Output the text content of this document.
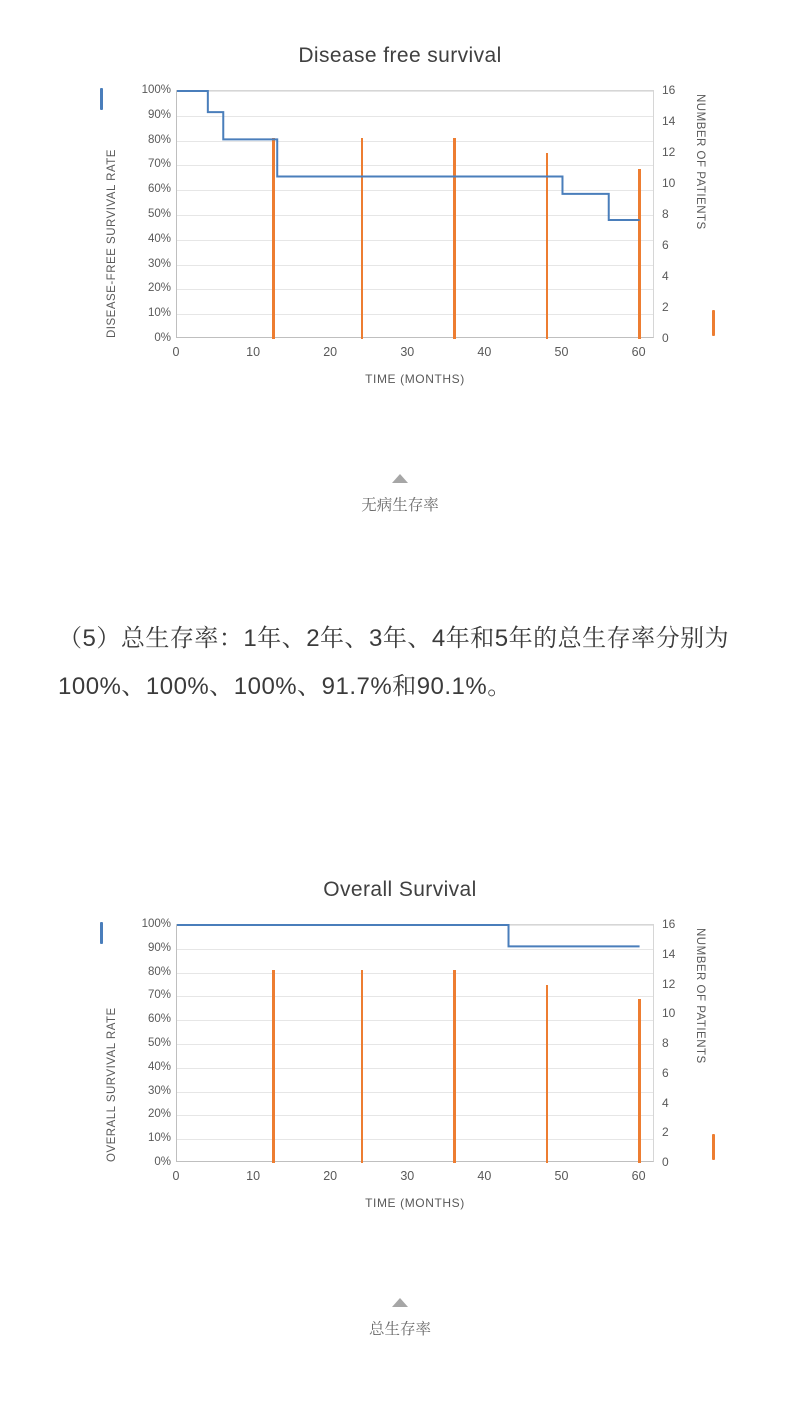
Disease free survival
0%
10%
20%
30%
40%
50%
60%
70%
80%
90%
100%
0
2
4
6
8
10
12
14
16
0	10	20	30	40	50	60
TIME (MONTHS)
DISEASE-FREE SURVIVAL RATE	NUMBER OF PATIENTS
无病生存率
（5）总生存率：1年、2年、3年、4年和5年的总生存率分别为100%、100%、100%、91.7%和90.1%。
Overall Survival
0%
10%
20%
30%
40%
50%
60%
70%
80%
90%
100%
0
2
4
6
8
10
12
14
16
0	10	20	30	40	50	60
TIME (MONTHS)
OVERALL SURVIVAL RATE
NUMBER OF PATIENTS
总生存率
